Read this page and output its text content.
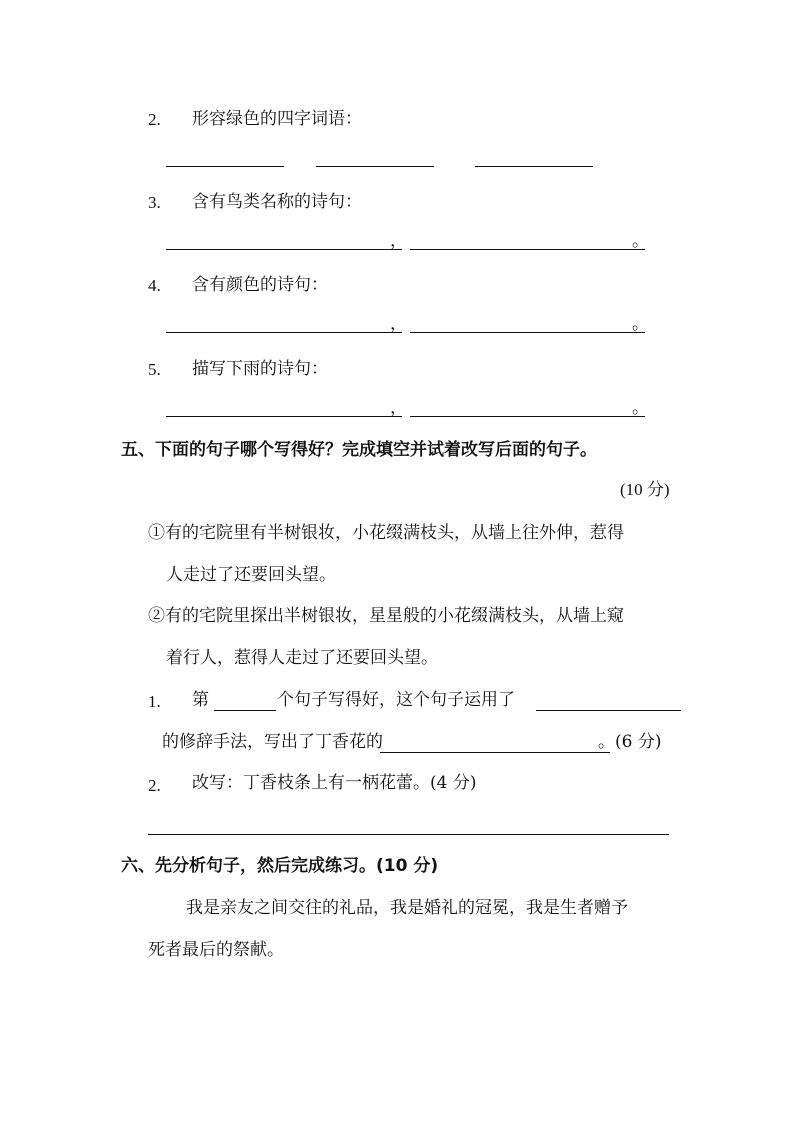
2. 形容绿色的四字词语：
3. 含有鸟类名称的诗句：
，	。
4. 含有颜色的诗句：
，	。
5. 描写下雨的诗句：
，	。
五、下面的句子哪个写得好？完成填空并试着改写后面的句子。
(10 分)
①有的宅院里有半树银妆，小花缀满枝头，从墙上往外伸，惹得
人走过了还要回头望。
②有的宅院里探出半树银妆，星星般的小花缀满枝头，从墙上窥
着行人，惹得人走过了还要回头望。
1. 第	个句子写得好，这个句子运用了
的修辞手法，写出了丁香花的	。(6 分)
2. 改写：丁香枝条上有一柄花蕾。(4 分)
六、先分析句子，然后完成练习。(10 分)
我是亲友之间交往的礼品，我是婚礼的冠冕，我是生者赠予
死者最后的祭献。
